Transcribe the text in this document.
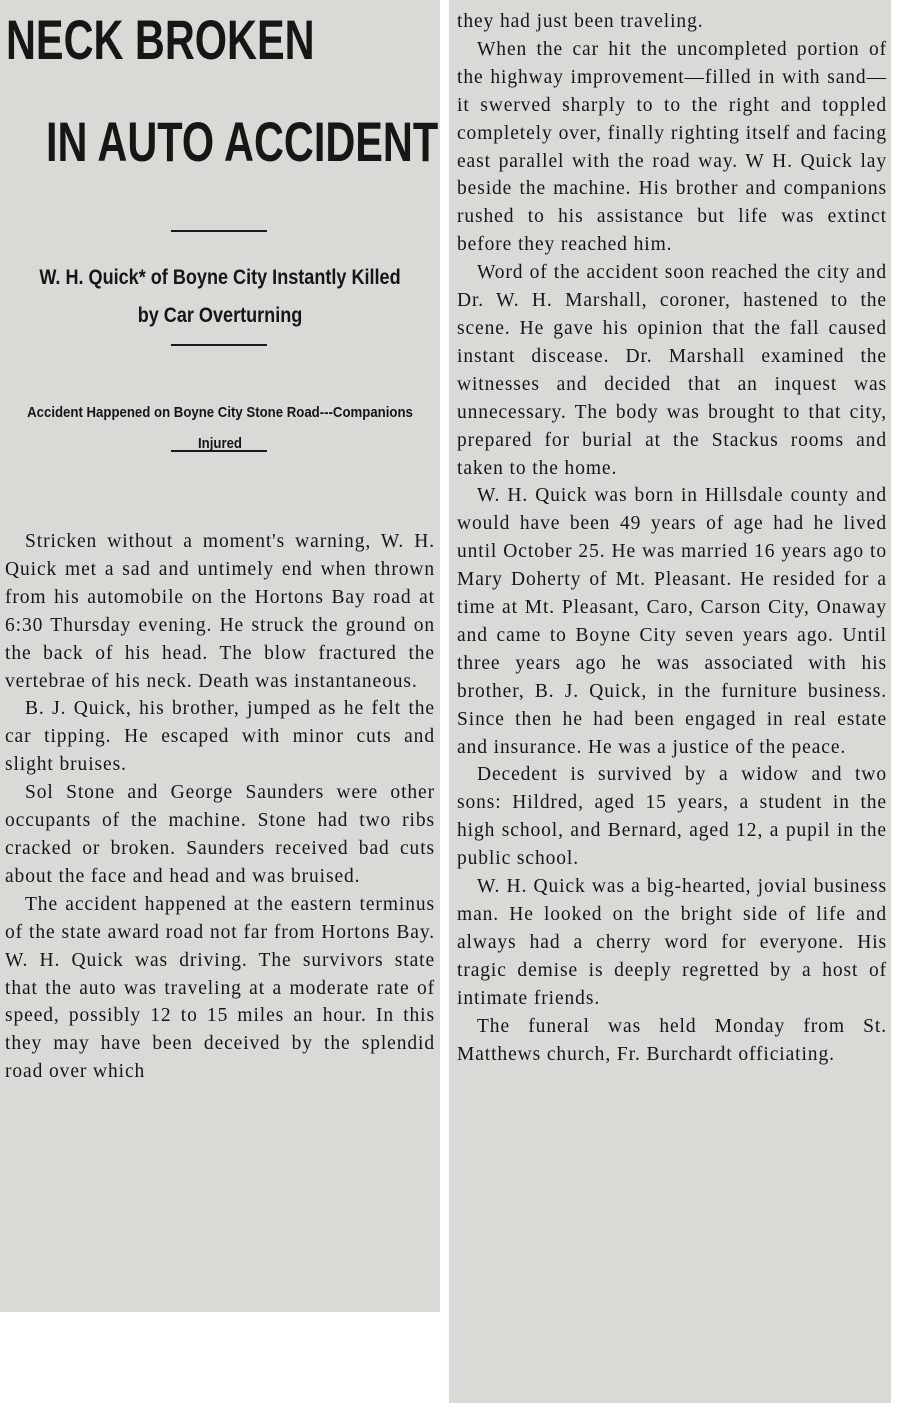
NECK BROKEN
IN AUTO ACCIDENT

W. H. Quick* of Boyne City Instantly Killed by Car Overturning

Accident Happened on Boyne City Stone Road---Companions Injured

Stricken without a moment's warning, W. H. Quick met a sad and untimely end when thrown from his automobile on the Hortons Bay road at 6:30 Thursday evening. He struck the ground on the back of his head. The blow fractured the vertebrae of his neck. Death was instantaneous.

B. J. Quick, his brother, jumped as he felt the car tipping. He escaped with minor cuts and slight bruises.

Sol Stone and George Saunders were other occupants of the machine. Stone had two ribs cracked or broken. Saunders received bad cuts about the face and head and was bruised.

The accident happened at the eastern terminus of the state award road not far from Hortons Bay. W. H. Quick was driving. The survivors state that the auto was traveling at a moderate rate of speed, possibly 12 to 15 miles an hour. In this they may have been deceived by the splendid road over which

they had just been traveling.

When the car hit the uncompleted portion of the highway improvement—filled in with sand—it swerved sharply to to the right and toppled completely over, finally righting itself and facing east parallel with the road way. W H. Quick lay beside the machine. His brother and companions rushed to his assistance but life was extinct before they reached him.

Word of the accident soon reached the city and Dr. W. H. Marshall, coroner, hastened to the scene. He gave his opinion that the fall caused instant discease. Dr. Marshall examined the witnesses and decided that an inquest was unnecessary. The body was brought to that city, prepared for burial at the Stackus rooms and taken to the home.

W. H. Quick was born in Hillsdale county and would have been 49 years of age had he lived until October 25. He was married 16 years ago to Mary Doherty of Mt. Pleasant. He resided for a time at Mt. Pleasant, Caro, Carson City, Onaway and came to Boyne City seven years ago. Until three years ago he was associated with his brother, B. J. Quick, in the furniture business. Since then he had been engaged in real estate and insurance. He was a justice of the peace.

Decedent is survived by a widow and two sons: Hildred, aged 15 years, a student in the high school, and Bernard, aged 12, a pupil in the public school.

W. H. Quick was a big-hearted, jovial business man. He looked on the bright side of life and always had a cherry word for everyone. His tragic demise is deeply regretted by a host of intimate friends.

The funeral was held Monday from St. Matthews church, Fr. Burchardt officiating.
